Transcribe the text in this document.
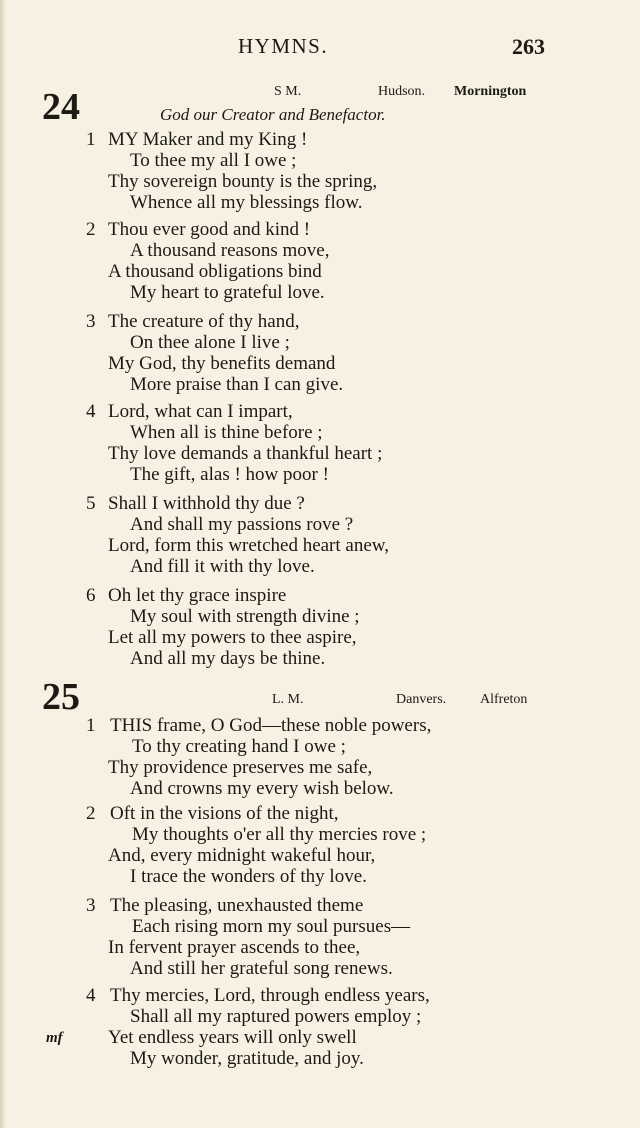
HYMNS.	263
24	S M.	Hudson. Mornington
God our Creator and Benefactor.
1 MY Maker and my King !
To thee my all I owe ;
Thy sovereign bounty is the spring,
Whence all my blessings flow.
2 Thou ever good and kind !
A thousand reasons move,
A thousand obligations bind
My heart to grateful love.
3 The creature of thy hand,
On thee alone I live ;
My God, thy benefits demand
More praise than I can give.
4 Lord, what can I impart,
When all is thine before ;
Thy love demands a thankful heart ;
The gift, alas ! how poor !
5 Shall I withhold thy due ?
And shall my passions rove ?
Lord, form this wretched heart anew,
And fill it with thy love.
6 Oh let thy grace inspire
My soul with strength divine ;
Let all my powers to thee aspire,
And all my days be thine.
25	L. M.	Danvers. Alfreton
1 THIS frame, O God—these noble powers,
To thy creating hand I owe ;
Thy providence preserves me safe,
And crowns my every wish below.
2 Oft in the visions of the night,
My thoughts o'er all thy mercies rove ;
And, every midnight wakeful hour,
I trace the wonders of thy love.
3 The pleasing, unexhausted theme
Each rising morn my soul pursues—
In fervent prayer ascends to thee,
And still her grateful song renews.
4 Thy mercies, Lord, through endless years,
Shall all my raptured powers employ ;
mf Yet endless years will only swell
My wonder, gratitude, and joy.
